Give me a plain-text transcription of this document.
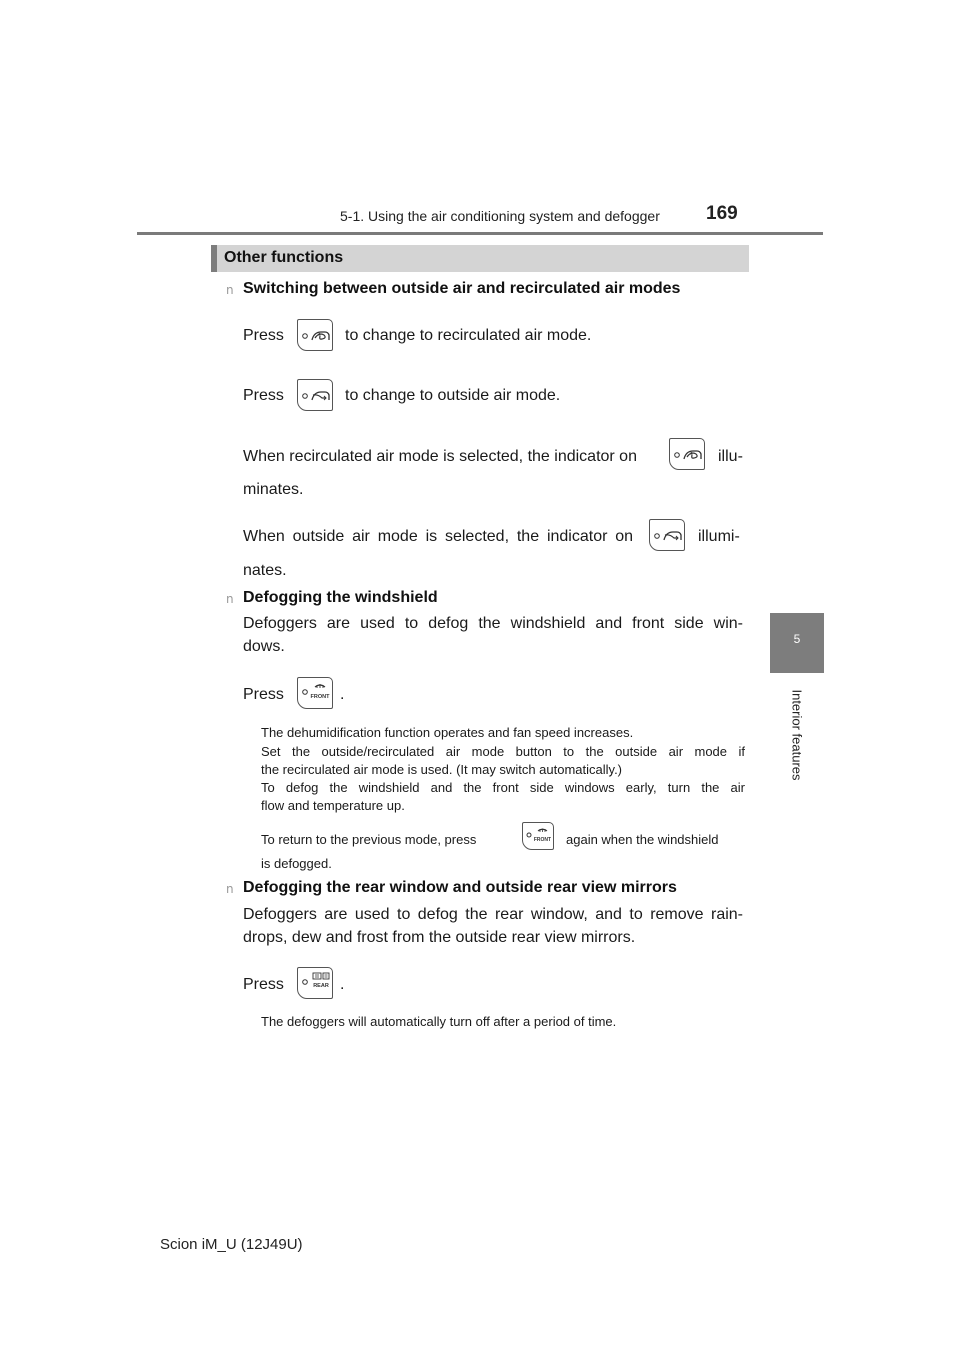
5-1. Using the air conditioning system and defogger 169
5
Interior features
Other functions
n Switching between outside air and recirculated air modes
Press	to change to recirculated air mode.
Press	to change to outside air mode.
When recirculated air mode is selected, the indicator on	illu-
minates.
When outside air mode is selected, the indicator on	illumi-
nates.
n Defogging the windshield
Defoggers are used to defog the windshield and front side win-
dows.
Press	FRONT .
The dehumidification function operates and fan speed increases.
Set the outside/recirculated air mode button to the outside air mode if
the recirculated air mode is used. (It may switch automatically.)
To defog the windshield and the front side windows early, turn the air
flow and temperature up.
To return to the previous mode, press	FRONT again when the windshield
is defogged.
n Defogging the rear window and outside rear view mirrors
Defoggers are used to defog the rear window, and to remove rain-
drops, dew and frost from the outside rear view mirrors.
Press	REAR .
The defoggers will automatically turn off after a period of time.
Scion iM_U (12J49U)
